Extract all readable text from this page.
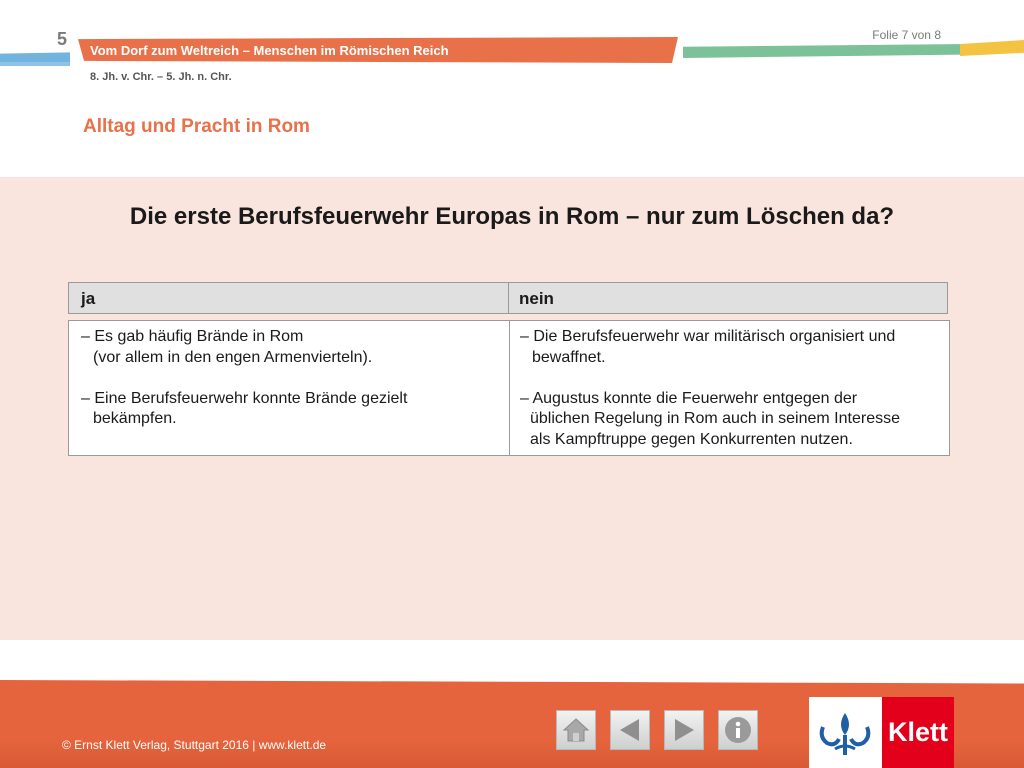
5
Vom Dorf zum Weltreich – Menschen im Römischen Reich
8. Jh. v. Chr. – 5. Jh. n. Chr.
Folie 7 von 8
Alltag und Pracht in Rom
Die erste Berufsfeuerwehr Europas in Rom – nur zum Löschen da?
ja	nein
– Es gab häufig Brände in Rom
(vor allem in den engen Armenvierteln).
– Eine Berufsfeuerwehr konnte Brände gezielt
bekämpfen.
– Die Berufsfeuerwehr war militärisch organisiert und
bewaffnet.
– Augustus konnte die Feuerwehr entgegen der
üblichen Regelung in Rom auch in seinem Interesse
als Kampftruppe gegen Konkurrenten nutzen.
© Ernst Klett Verlag, Stuttgart 2016 | www.klett.de	Klett
